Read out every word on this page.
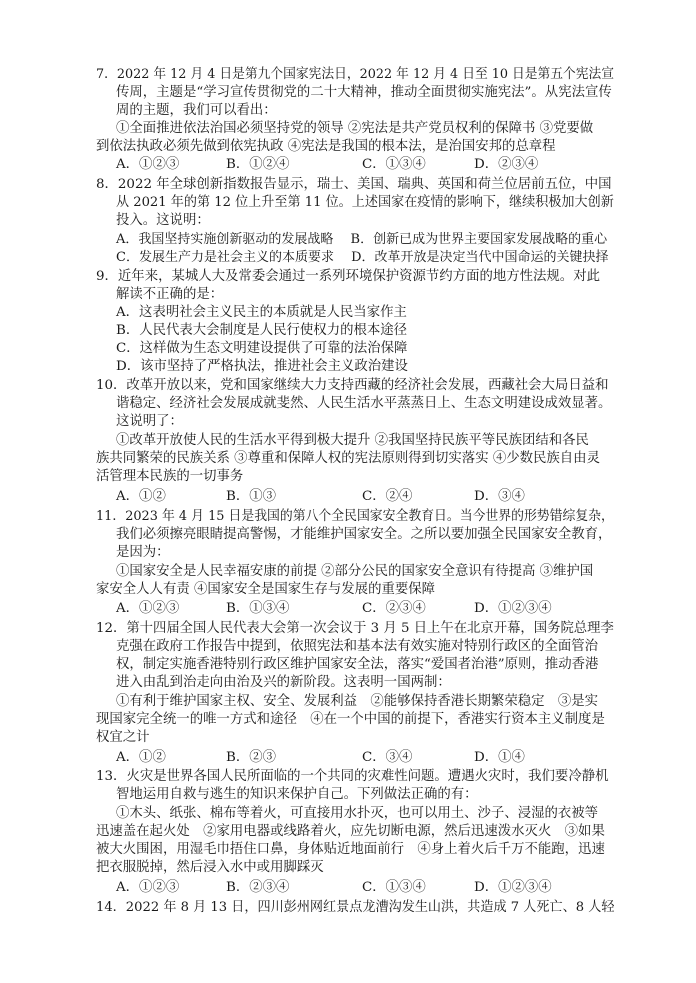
7．2022 年 12 月 4 日是第九个国家宪法日，2022 年 12 月 4 日至 10 日是第五个宪法宣
传周，主题是“学习宣传贯彻党的二十大精神，推动全面贯彻实施宪法”。从宪法宣传
周的主题，我们可以看出：
①全面推进依法治国必须坚持党的领导 ②宪法是共产党员权利的保障书 ③党要做
到依法执政必须先做到依宪执政 ④宪法是我国的根本法，是治国安邦的总章程
A．①②③	B．①②④	C．①③④	D．②③④
8．2022 年全球创新指数报告显示，瑞士、美国、瑞典、英国和荷兰位居前五位，中国
从 2021 年的第 12 位上升至第 11 位。上述国家在疫情的影响下，继续积极加大创新
投入。这说明：
A．我国坚持实施创新驱动的发展战略　 B．创新已成为世界主要国家发展战略的重心
C．发展生产力是社会主义的本质要求　 D．改革开放是决定当代中国命运的关键抉择
9．近年来，某城人大及常委会通过一系列环境保护资源节约方面的地方性法规。对此
解读不正确的是：
A．这表明社会主义民主的本质就是人民当家作主
B．人民代表大会制度是人民行使权力的根本途径
C．这样做为生态文明建设提供了可靠的法治保障
D．该市坚持了严格执法，推进社会主义政治建设
10．改革开放以来，党和国家继续大力支持西藏的经济社会发展，西藏社会大局日益和
谐稳定、经济社会发展成就斐然、人民生活水平蒸蒸日上、生态文明建设成效显著。
这说明了：
①改革开放使人民的生活水平得到极大提升 ②我国坚持民族平等民族团结和各民
族共同繁荣的民族关系 ③尊重和保障人权的宪法原则得到切实落实 ④少数民族自由灵
活管理本民族的一切事务
A．①②	B．①③	C．②④	D．③④
11．2023 年 4 月 15 日是我国的第八个全民国家安全教育日。当今世界的形势错综复杂，
我们必须擦亮眼睛提高警惕，才能维护国家安全。之所以要加强全民国家安全教育，
是因为：
①国家安全是人民幸福安康的前提 ②部分公民的国家安全意识有待提高 ③维护国
家安全人人有责 ④国家安全是国家生存与发展的重要保障
A．①②③	B．①③④	C．②③④	D．①②③④
12．第十四届全国人民代表大会第一次会议于 3 月 5 日上午在北京开幕，国务院总理李
克强在政府工作报告中提到，依照宪法和基本法有效实施对特别行政区的全面管治
权，制定实施香港特别行政区维护国家安全法，落实“爱国者治港”原则，推动香港
进入由乱到治走向由治及兴的新阶段。这表明一国两制：
①有利于维护国家主权、安全、发展利益　②能够保持香港长期繁荣稳定　③是实
现国家完全统一的唯一方式和途径　④在一个中国的前提下，香港实行资本主义制度是
权宜之计
A．①②	B．②③	C．③④	D．①④
13．火灾是世界各国人民所面临的一个共同的灾难性问题。遭遇火灾时，我们要冷静机
智地运用自救与逃生的知识来保护自己。下列做法正确的有：
①木头、纸张、棉布等着火，可直接用水扑灭，也可以用土、沙子、浸湿的衣被等
迅速盖在起火处　②家用电器或线路着火，应先切断电源，然后迅速泼水灭火　③如果
被大火围困，用湿毛巾捂住口鼻，身体贴近地面前行　④身上着火后千万不能跑，迅速
把衣服脱掉，然后浸入水中或用脚踩灭
A．①②③	B．②③④	C．①③④	D．①②③④
14．2022 年 8 月 13 日，四川彭州网红景点龙漕沟发生山洪，共造成 7 人死亡、8 人轻
